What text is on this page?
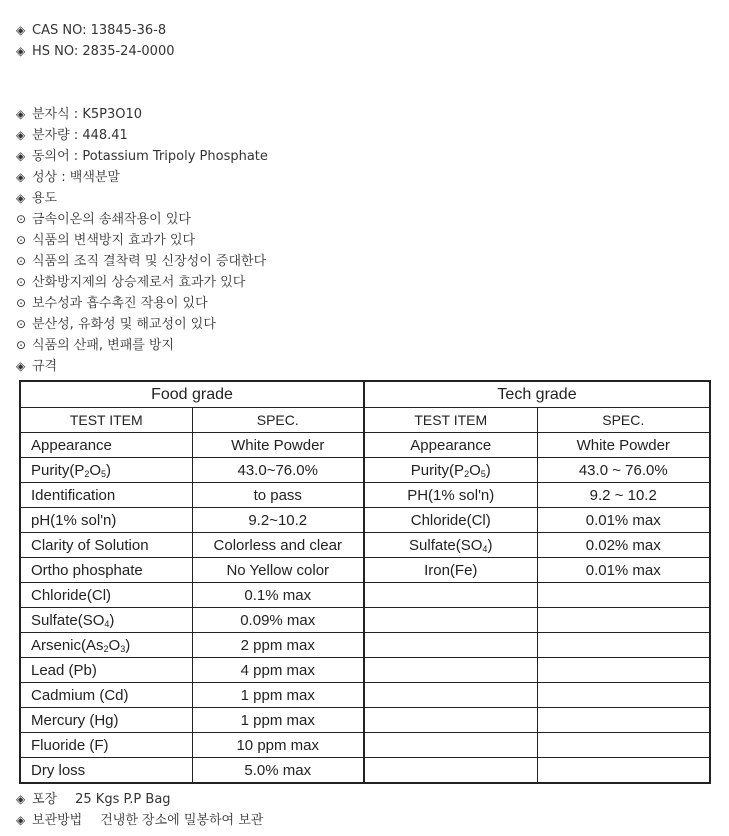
◈ CAS NO: 13845-36-8
◈ HS NO: 2835-24-0000
◈ 분자식 : K5P3O10
◈ 분자량 : 448.41
◈ 동의어 : Potassium Tripoly Phosphate
◈ 성상 : 백색분말
◈ 용도
⊙ 금속이온의 송쇄작용이 있다
⊙ 식품의 변색방지 효과가 있다
⊙ 식품의 조직 결착력 및 신장성이 증대한다
⊙ 산화방지제의 상승제로서 효과가 있다
⊙ 보수성과 흡수촉진 작용이 있다
⊙ 분산성, 유화성 및 해교성이 있다
⊙ 식품의 산패, 변패를 방지
◈ 규격
Food grade		Tech grade	
TEST ITEM	SPEC.	TEST ITEM	SPEC.
Appearance	White Powder	Appearance	White Powder
$Purity(P_2O_5)$	43.0~76.0%	$Purity(P_2O_5)$	43.0 ~ 76.0%
Identification	to pass	PH(1% sol'n)	9.2 ~ 10.2
pH(1% sol'n)	9.2~10.2	Chloride(Cl)	0.01% max
Clarity of Solution	Colorless and clear	$Sulfate(SO_4)$	0.02% max
Ortho phosphate	No Yellow color	Iron(Fe)	0.01% max
Chloride(Cl)	0.1% max		
$Sulfate(SO_4)$	0.09% max		
$Arsenic(As_2O_3)$	2 ppm max		
Lead (Pb)	4 ppm max		
Cadmium (Cd)	1 ppm max		
Mercury (Hg)	1 ppm max		
Fluoride (F)	10 ppm max		
Dry loss	5.0% max		
◈ 포장 25 Kgs P.P Bag
◈ 보관방법 건냉한 장소에 밀봉하여 보관
